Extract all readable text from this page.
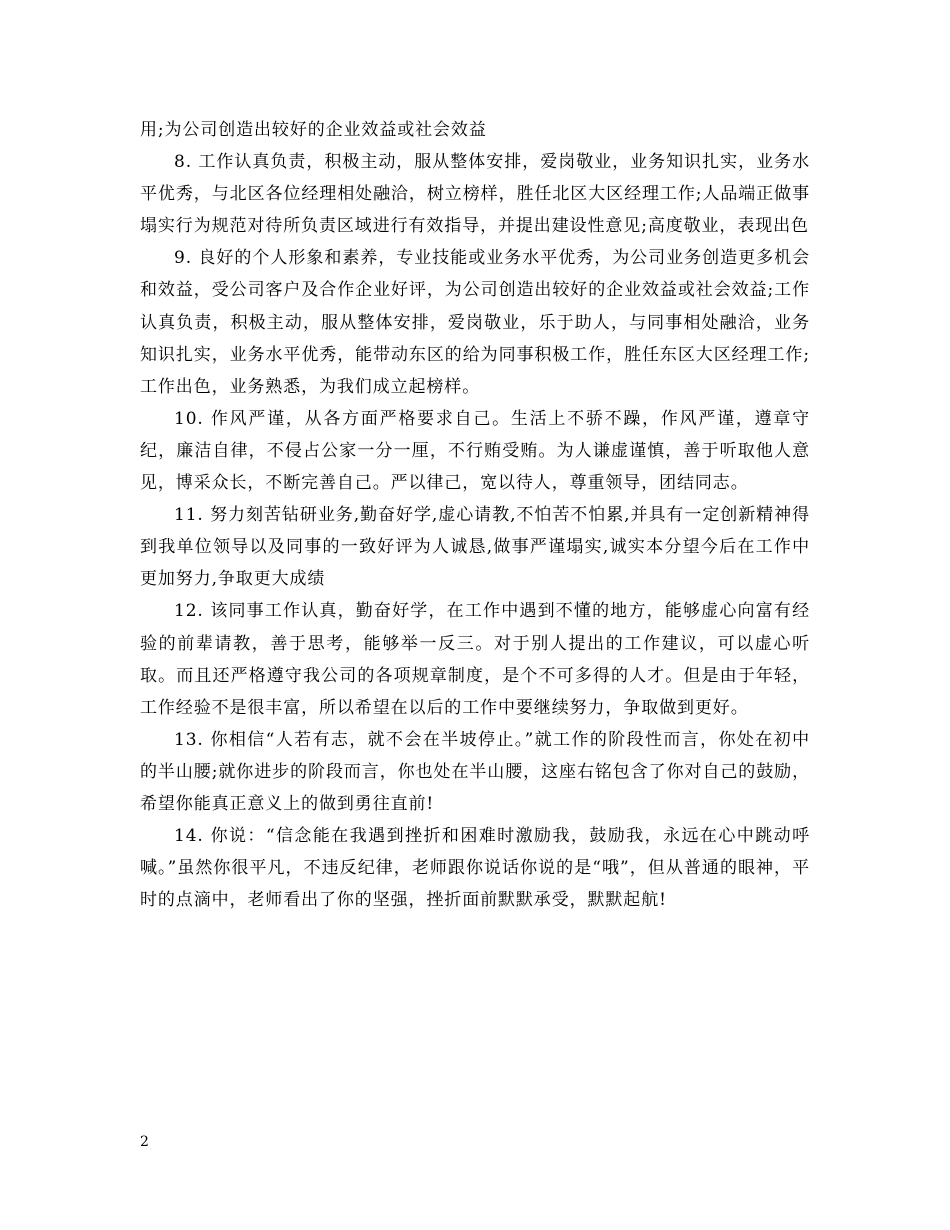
用;为公司创造出较好的企业效益或社会效益

8. 工作认真负责，积极主动，服从整体安排，爱岗敬业，业务知识扎实，业务水平优秀，与北区各位经理相处融洽，树立榜样，胜任北区大区经理工作;人品端正做事塌实行为规范对待所负责区域进行有效指导，并提出建设性意见;高度敬业，表现出色

9. 良好的个人形象和素养，专业技能或业务水平优秀，为公司业务创造更多机会和效益，受公司客户及合作企业好评，为公司创造出较好的企业效益或社会效益;工作认真负责，积极主动，服从整体安排，爱岗敬业，乐于助人，与同事相处融洽，业务知识扎实，业务水平优秀，能带动东区的给为同事积极工作，胜任东区大区经理工作;工作出色，业务熟悉，为我们成立起榜样。

10. 作风严谨，从各方面严格要求自己。生活上不骄不躁，作风严谨，遵章守纪，廉洁自律，不侵占公家一分一厘，不行贿受贿。为人谦虚谨慎，善于听取他人意见，博采众长，不断完善自己。严以律己，宽以待人，尊重领导，团结同志。

11. 努力刻苦钻研业务,勤奋好学,虚心请教,不怕苦不怕累,并具有一定创新精神得到我单位领导以及同事的一致好评为人诚恳,做事严谨塌实,诚实本分望今后在工作中更加努力,争取更大成绩

12. 该同事工作认真，勤奋好学，在工作中遇到不懂的地方，能够虚心向富有经验的前辈请教，善于思考，能够举一反三。对于别人提出的工作建议，可以虚心听取。而且还严格遵守我公司的各项规章制度，是个不可多得的人才。但是由于年轻，工作经验不是很丰富，所以希望在以后的工作中要继续努力，争取做到更好。

13. 你相信“人若有志，就不会在半坡停止。”就工作的阶段性而言，你处在初中的半山腰;就你进步的阶段而言，你也处在半山腰，这座右铭包含了你对自己的鼓励，希望你能真正意义上的做到勇往直前!

14. 你说：“信念能在我遇到挫折和困难时激励我，鼓励我，永远在心中跳动呼喊。”虽然你很平凡，不违反纪律，老师跟你说话你说的是“哦”，但从普通的眼神，平时的点滴中，老师看出了你的坚强，挫折面前默默承受，默默起航!

2
